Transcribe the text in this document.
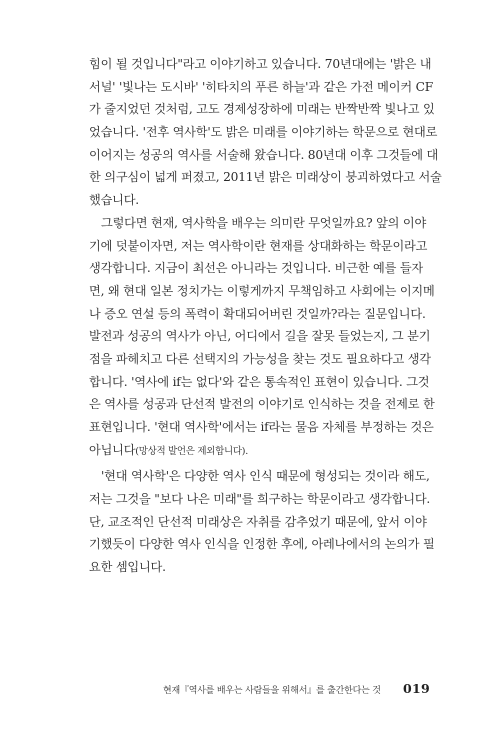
힘이 될 것입니다"라고 이야기하고 있습니다. 70년대에는 '밝은 내
서널' '빛나는 도시바' '히타치의 푸른 하늘'과 같은 가전 메이커 CF
가 줄지었던 것처럼, 고도 경제성장하에 미래는 반짝반짝 빛나고 있
었습니다. '전후 역사학'도 밝은 미래를 이야기하는 학문으로 현대로
이어지는 성공의 역사를 서술해 왔습니다. 80년대 이후 그것들에 대
한 의구심이 넓게 퍼졌고, 2011년 밝은 미래상이 붕괴하였다고 서술
했습니다.
그렇다면 현재, 역사학을 배우는 의미란 무엇일까요? 앞의 이야
기에 덧붙이자면, 저는 역사학이란 현재를 상대화하는 학문이라고
생각합니다. 지금이 최선은 아니라는 것입니다. 비근한 예를 들자
면, 왜 현대 일본 정치가는 이렇게까지 무책임하고 사회에는 이지메
나 증오 연설 등의 폭력이 확대되어버린 것일까?라는 질문입니다.
발전과 성공의 역사가 아닌, 어디에서 길을 잘못 들었는지, 그 분기
점을 파헤치고 다른 선택지의 가능성을 찾는 것도 필요하다고 생각
합니다. '역사에 if는 없다'와 같은 통속적인 표현이 있습니다. 그것
은 역사를 성공과 단선적 발전의 이야기로 인식하는 것을 전제로 한
표현입니다. '현대 역사학'에서는 if라는 물음 자체를 부정하는 것은
아닙니다(망상적 발언은 제외합니다).
'현대 역사학'은 다양한 역사 인식 때문에 형성되는 것이라 해도,
저는 그것을 "보다 나은 미래"를 희구하는 학문이라고 생각합니다.
단, 교조적인 단선적 미래상은 자취를 감추었기 때문에, 앞서 이야
기했듯이 다양한 역사 인식을 인정한 후에, 아레나에서의 논의가 필
요한 셈입니다.
현재『역사를 배우는 사람들을 위해서』를 출간한다는 것 019
